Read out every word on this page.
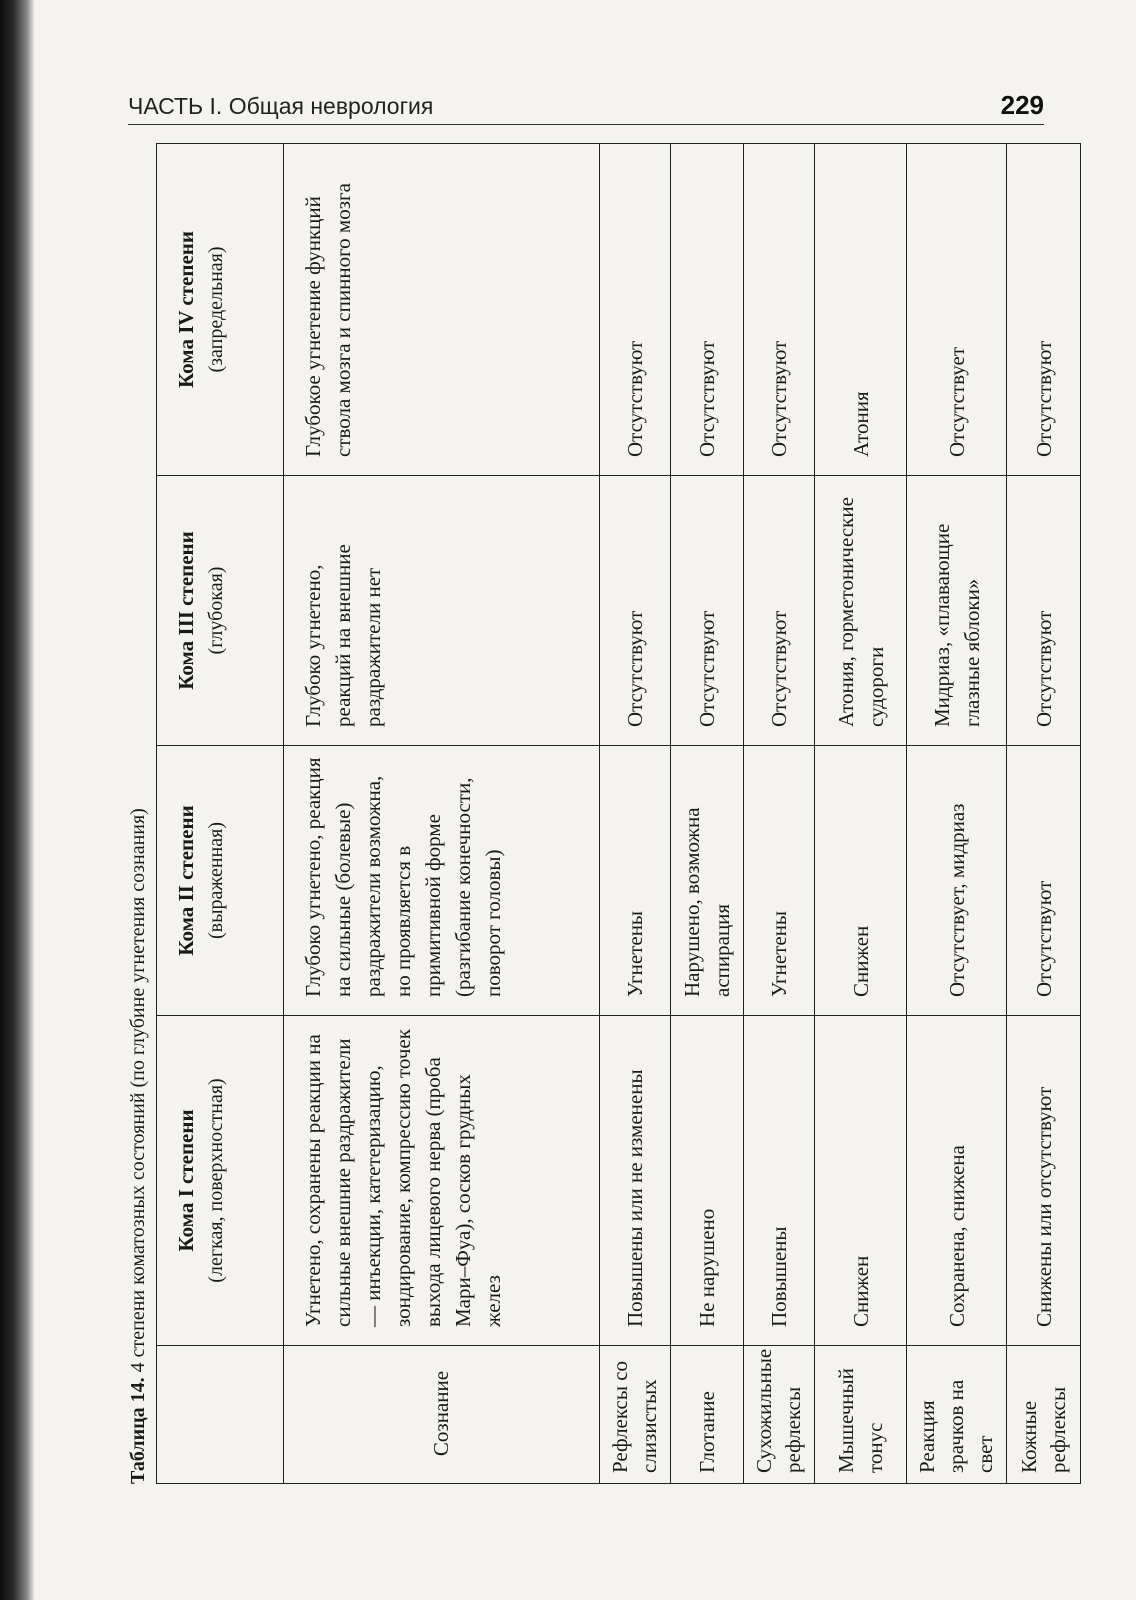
ЧАСТЬ I. Общая неврология	229
Таблица 14. 4 степени коматозных состояний (по глубине угнетения сознания)

	Кома I степени (легкая, поверхностная)	Кома II степени (выраженная)	Кома III степени (глубокая)	Кома IV степени (запредельная)

Сознание	Угнетено, сохранены реакции на сильные внешние раздражители — инъекции, катетеризацию, зондирование, компрессию точек выхода лицевого нерва (проба Мари–Фуа), сосков грудных желез	Глубоко угнетено, реакция на сильные (болевые) раздражители возможна, но проявляется в примитивной форме (разгибание конечности, поворот головы)	Глубоко угнетено, реакций на внешние раздражители нет	Глубокое угнетение функций ствола мозга и спинного мозга
Рефлексы со слизистых	Повышены или не изменены	Угнетены	Отсутствуют	Отсутствуют
Глотание	Не нарушено	Нарушено, возможна аспирация	Отсутствуют	Отсутствуют
Сухожильные рефлексы	Повышены	Угнетены	Отсутствуют	Отсутствуют
Мышечный тонус	Снижен	Снижен	Атония, горметонические судороги	Атония
Реакция зрачков на свет	Сохранена, снижена	Отсутствует, мидриаз	Мидриаз, «плавающие глазные яблоки»	Отсутствует
Кожные рефлексы	Снижены или отсутствуют	Отсутствуют	Отсутствуют	Отсутствуют
